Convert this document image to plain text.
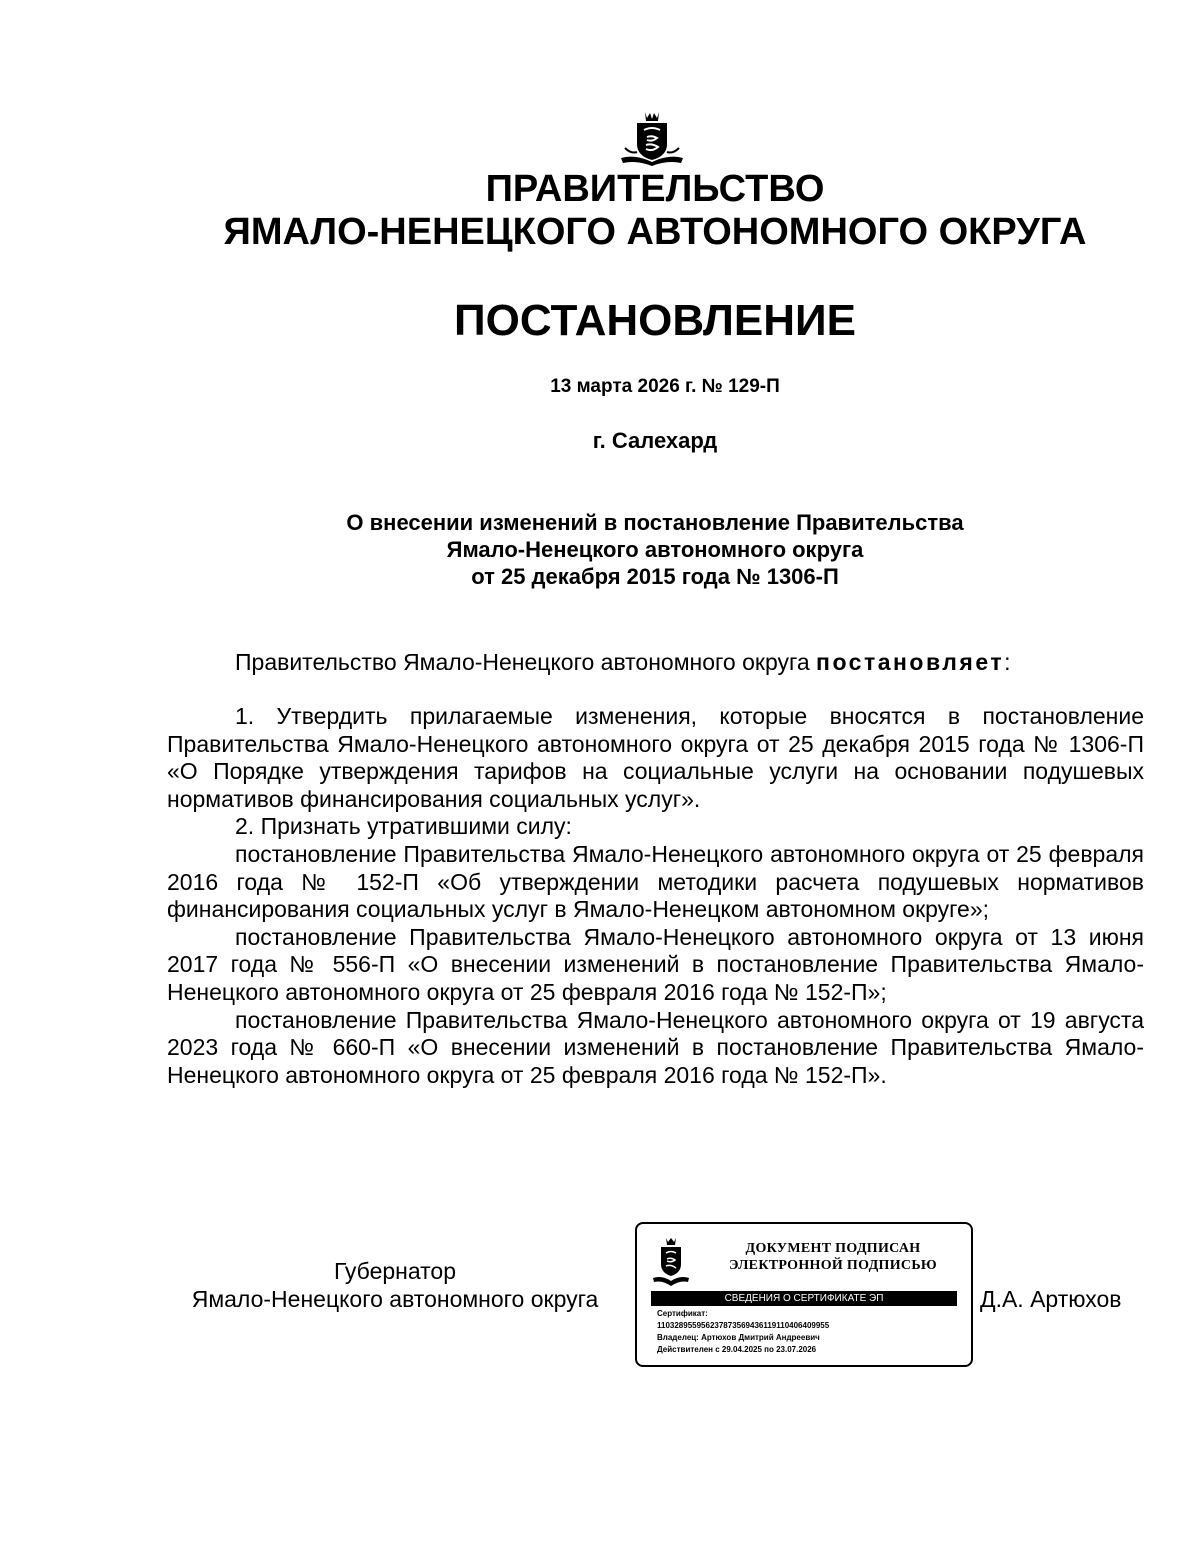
ПРАВИТЕЛЬСТВО
ЯМАЛО-НЕНЕЦКОГО АВТОНОМНОГО ОКРУГА
ПОСТАНОВЛЕНИЕ
13 марта 2026 г. № 129-П
г. Салехард
О внесении изменений в постановление Правительства
Ямало-Ненецкого автономного округа
от 25 декабря 2015 года № 1306-П
Правительство Ямало-Ненецкого автономного округа постановляет:

1. Утвердить прилагаемые изменения, которые вносятся в постановление Правительства Ямало-Ненецкого автономного округа от 25 декабря 2015 года № 1306-П «О Порядке утверждения тарифов на социальные услуги на основании подушевых нормативов финансирования социальных услуг».

2. Признать утратившими силу:

постановление Правительства Ямало-Ненецкого автономного округа от 25 февраля 2016 года № 152-П «Об утверждении методики расчета подушевых нормативов финансирования социальных услуг в Ямало-Ненецком автономном округе»;

постановление Правительства Ямало-Ненецкого автономного округа от 13 июня 2017 года № 556-П «О внесении изменений в постановление Правительства Ямало-Ненецкого автономного округа от 25 февраля 2016 года № 152-П»;

постановление Правительства Ямало-Ненецкого автономного округа от 19 августа 2023 года № 660-П «О внесении изменений в постановление Правительства Ямало-Ненецкого автономного округа от 25 февраля 2016 года № 152-П».

Губернатор
Ямало-Ненецкого автономного округа
ДОКУМЕНТ ПОДПИСАН
ЭЛЕКТРОННОЙ ПОДПИСЬЮ
СВЕДЕНИЯ О СЕРТИФИКАТЕ ЭП
Сертификат:
110328955956237873569436119110406409955
Владелец: Артюхов Дмитрий Андреевич
Действителен с 29.04.2025 по 23.07.2026
Д.А. Артюхов
